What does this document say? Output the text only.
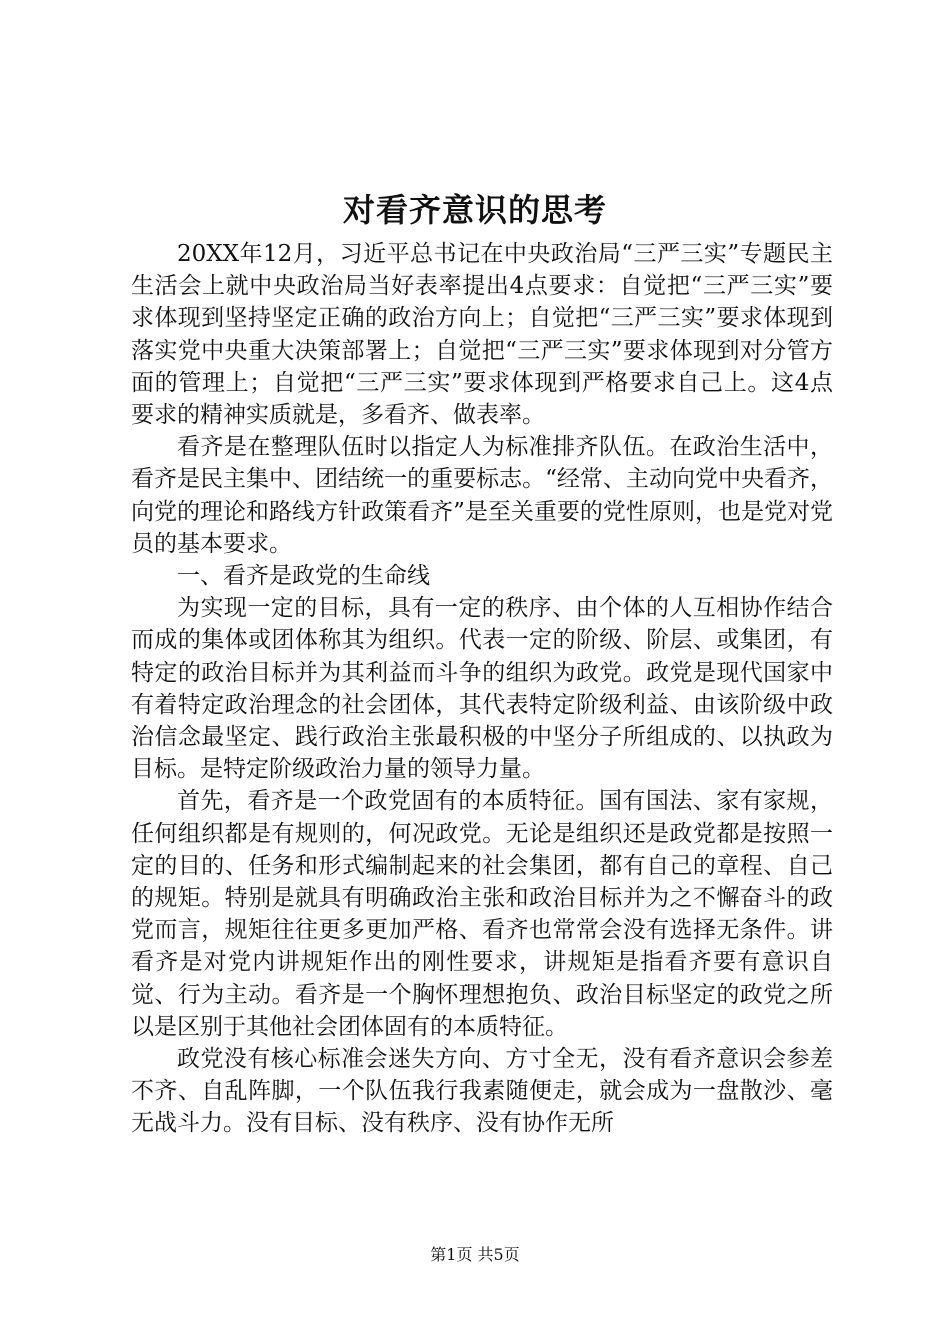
对看齐意识的思考

20XX年12月，习近平总书记在中央政治局“三严三实”专题民主生活会上就中央政治局当好表率提出4点要求：自觉把“三严三实”要求体现到坚持坚定正确的政治方向上；自觉把“三严三实”要求体现到落实党中央重大决策部署上；自觉把“三严三实”要求体现到对分管方面的管理上；自觉把“三严三实”要求体现到严格要求自己上。这4点要求的精神实质就是，多看齐、做表率。

看齐是在整理队伍时以指定人为标准排齐队伍。在政治生活中，看齐是民主集中、团结统一的重要标志。“经常、主动向党中央看齐，向党的理论和路线方针政策看齐”是至关重要的党性原则，也是党对党员的基本要求。

一、看齐是政党的生命线

为实现一定的目标，具有一定的秩序、由个体的人互相协作结合而成的集体或团体称其为组织。代表一定的阶级、阶层、或集团，有特定的政治目标并为其利益而斗争的组织为政党。政党是现代国家中有着特定政治理念的社会团体，其代表特定阶级利益、由该阶级中政治信念最坚定、践行政治主张最积极的中坚分子所组成的、以执政为目标。是特定阶级政治力量的领导力量。

首先，看齐是一个政党固有的本质特征。国有国法、家有家规，任何组织都是有规则的，何况政党。无论是组织还是政党都是按照一定的目的、任务和形式编制起来的社会集团，都有自己的章程、自己的规矩。特别是就具有明确政治主张和政治目标并为之不懈奋斗的政党而言，规矩往往更多更加严格、看齐也常常会没有选择无条件。讲看齐是对党内讲规矩作出的刚性要求，讲规矩是指看齐要有意识自觉、行为主动。看齐是一个胸怀理想抱负、政治目标坚定的政党之所以是区别于其他社会团体固有的本质特征。

政党没有核心标准会迷失方向、方寸全无，没有看齐意识会参差不齐、自乱阵脚，一个队伍我行我素随便走，就会成为一盘散沙、毫无战斗力。没有目标、没有秩序、没有协作无所

第1页 共5页
